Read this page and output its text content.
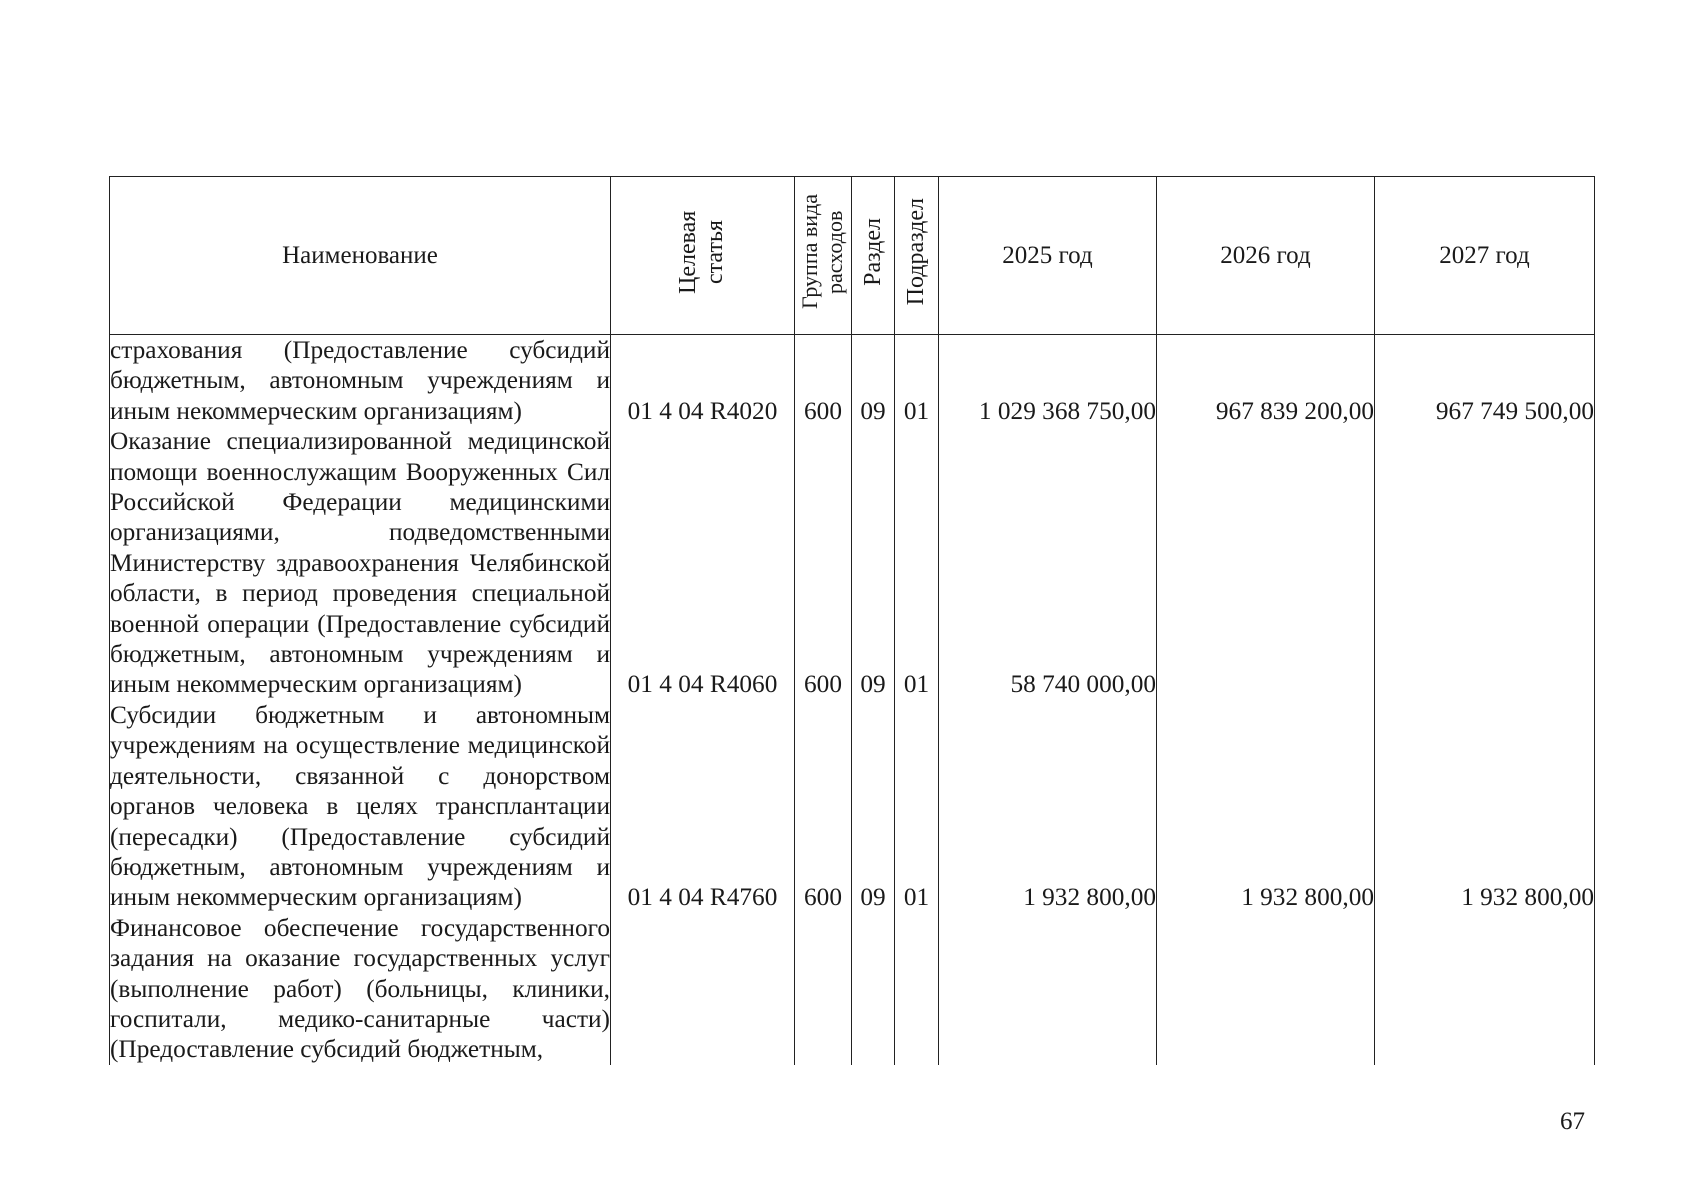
Наименование	Целевая статья	Группа вида расходов	Раздел	Подраздел	2025 год	2026 год	2027 год
страхования (Предоставление субсидий бюджетным, автономным учреждениям и иным некоммерческим организациям)	01 4 04 R4020	600	09	01	1 029 368 750,00	967 839 200,00	967 749 500,00
Оказание специализированной медицинской помощи военнослужащим Вооруженных Сил Российской Федерации медицинскими организациями, подведомственными Министерству здравоохранения Челябинской области, в период проведения специальной военной операции (Предоставление субсидий бюджетным, автономным учреждениям и иным некоммерческим организациям)	01 4 04 R4060	600	09	01	58 740 000,00		
Субсидии бюджетным и автономным учреждениям на осуществление медицинской деятельности, связанной с донорством органов человека в целях трансплантации (пересадки) (Предоставление субсидий бюджетным, автономным учреждениям и иным некоммерческим организациям)	01 4 04 R4760	600	09	01	1 932 800,00	1 932 800,00	1 932 800,00
Финансовое обеспечение государственного задания на оказание государственных услуг (выполнение работ) (больницы, клиники, госпитали, медико-санитарные части) (Предоставление субсидий бюджетным,							
67
